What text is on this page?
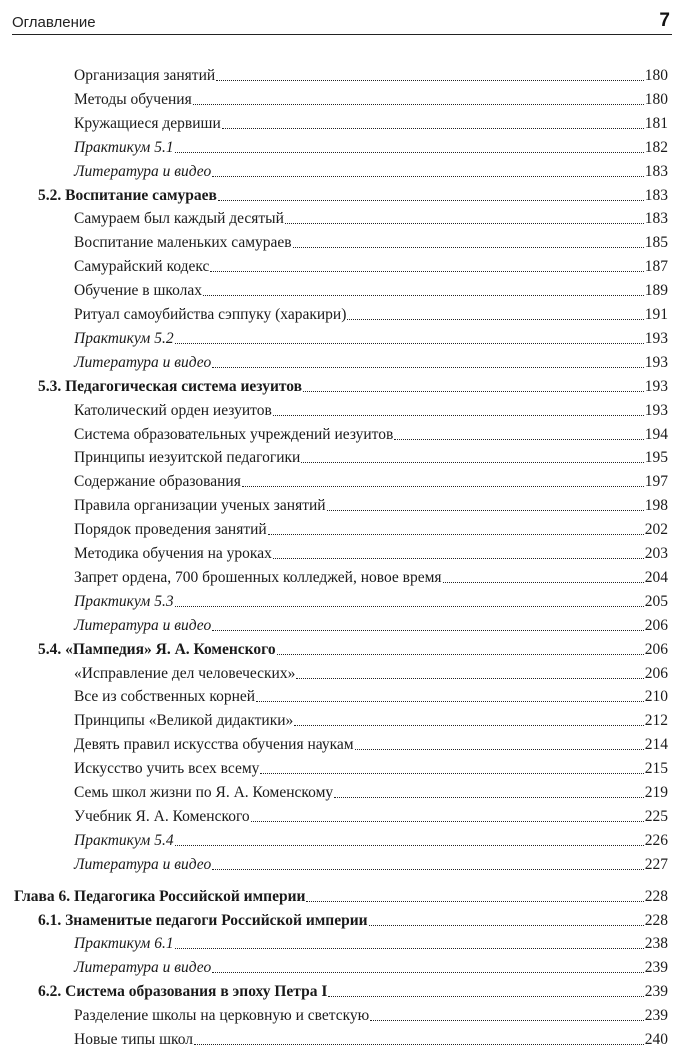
Оглавление	7
Организация занятий	180
Методы обучения	180
Кружащиеся дервиши	181
Практикум 5.1	182
Литература и видео	183
5.2. Воспитание самураев	183
Самураем был каждый десятый	183
Воспитание маленьких самураев	185
Самурайский кодекс	187
Обучение в школах	189
Ритуал самоубийства сэппуку (харакири)	191
Практикум 5.2	193
Литература и видео	193
5.3. Педагогическая система иезуитов	193
Католический орден иезуитов	193
Система образовательных учреждений иезуитов	194
Принципы иезуитской педагогики	195
Содержание образования	197
Правила организации ученых занятий	198
Порядок проведения занятий	202
Методика обучения на уроках	203
Запрет ордена, 700 брошенных колледжей, новое время	204
Практикум 5.3	205
Литература и видео	206
5.4. «Пампедия» Я. А. Коменского	206
«Исправление дел человеческих»	206
Все из собственных корней	210
Принципы «Великой дидактики»	212
Девять правил искусства обучения наукам	214
Искусство учить всех всему	215
Семь школ жизни по Я. А. Коменскому	219
Учебник Я. А. Коменского	225
Практикум 5.4	226
Литература и видео	227
Глава 6. Педагогика Российской империи	228
6.1. Знаменитые педагоги Российской империи	228
Практикум 6.1	238
Литература и видео	239
6.2. Система образования в эпоху Петра I	239
Разделение школы на церковную и светскую	239
Новые типы школ	240
